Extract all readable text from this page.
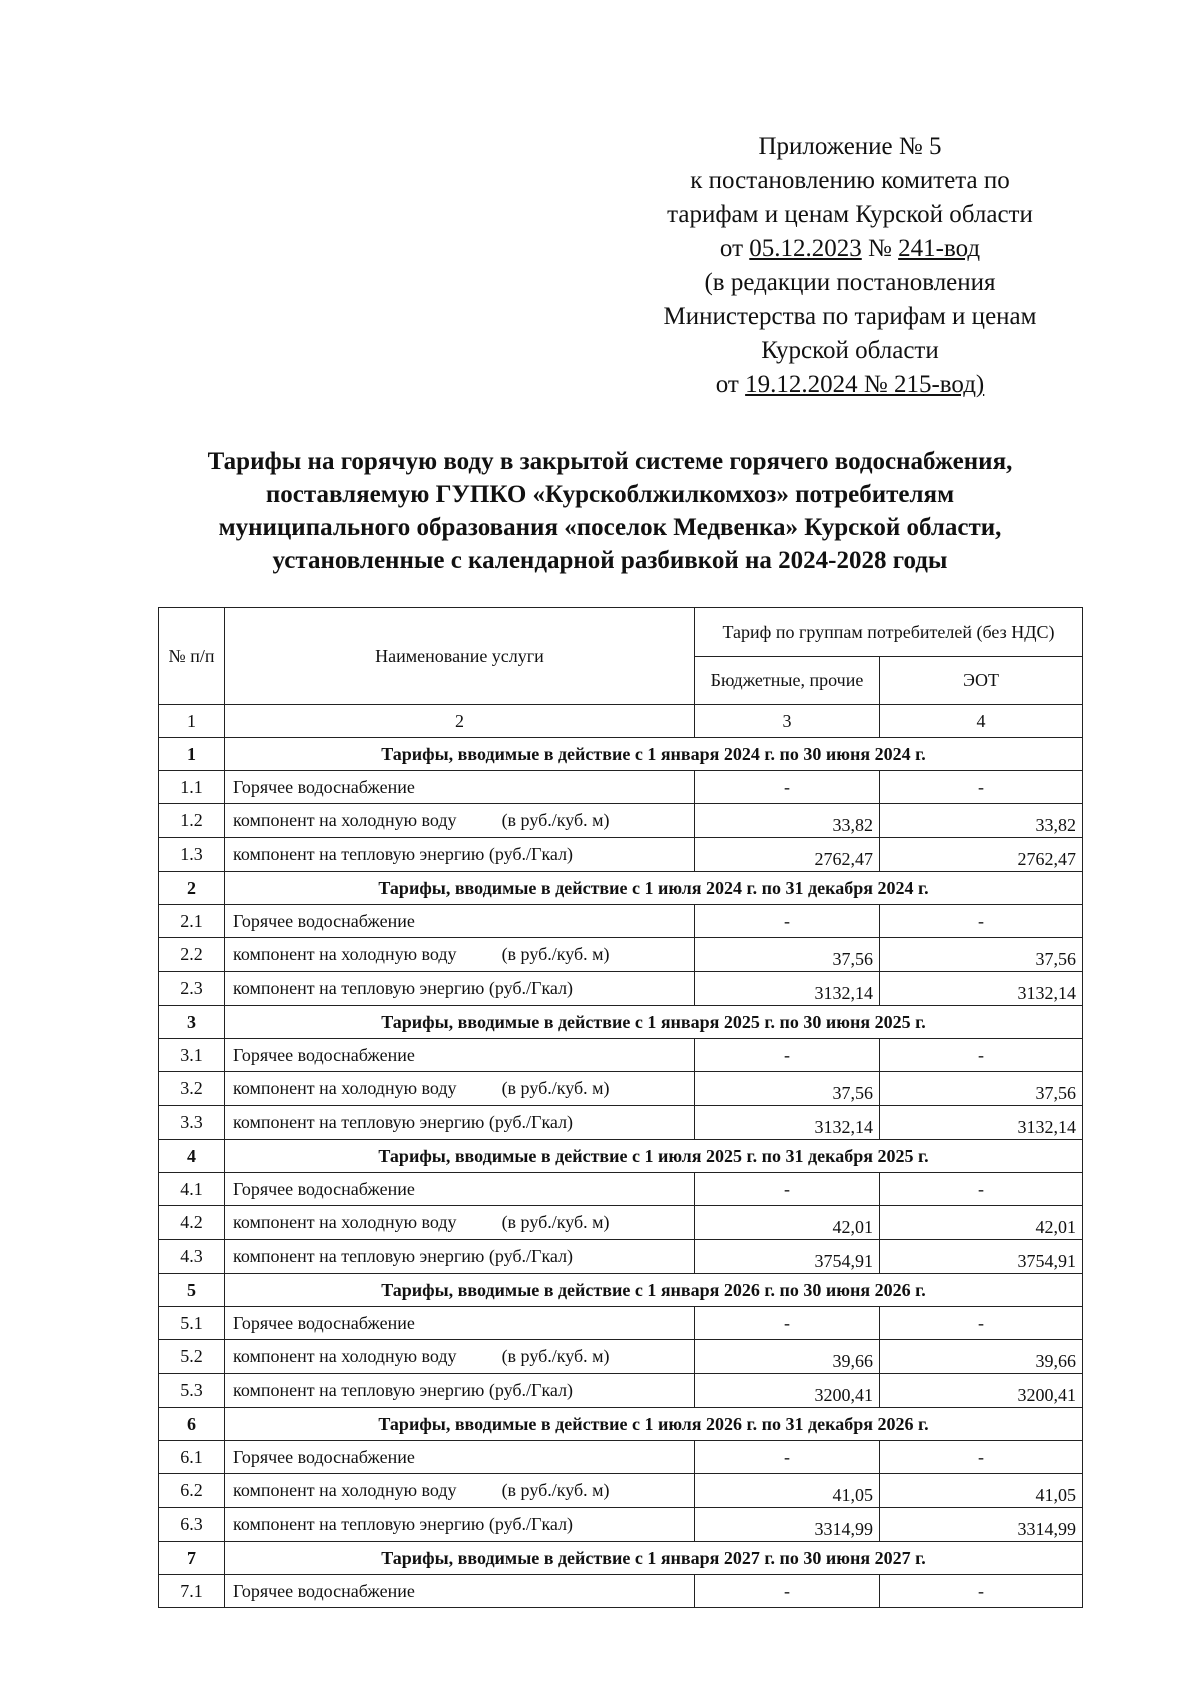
Приложение № 5
к постановлению комитета по
тарифам и ценам Курской области
от 05.12.2023 № 241-вод
(в редакции постановления
Министерства по тарифам и ценам
Курской области
от 19.12.2024 № 215-вод)
Тарифы на горячую воду в закрытой системе горячего водоснабжения,
поставляемую ГУПКО «Курскоблжилкомхоз» потребителям
муниципального образования «поселок Медвенка» Курской области,
установленные с календарной разбивкой на 2024-2028 годы
№ п/п	Наименование услуги	Тариф по группам потребителей (без НДС)	
		Бюджетные, прочие	ЭОТ
1	2	3	4
1	Тарифы, вводимые в действие с 1 января 2024 г. по 30 июня 2024 г.		
1.1	Горячее водоснабжение	-	-
1.2	компонент на холодную воду (в руб./куб. м)	33,82	33,82
1.3	компонент на тепловую энергию (руб./Гкал)	2762,47	2762,47
2	Тарифы, вводимые в действие с 1 июля 2024 г. по 31 декабря 2024 г.		
2.1	Горячее водоснабжение	-	-
2.2	компонент на холодную воду (в руб./куб. м)	37,56	37,56
2.3	компонент на тепловую энергию (руб./Гкал)	3132,14	3132,14
3	Тарифы, вводимые в действие с 1 января 2025 г. по 30 июня 2025 г.		
3.1	Горячее водоснабжение	-	-
3.2	компонент на холодную воду (в руб./куб. м)	37,56	37,56
3.3	компонент на тепловую энергию (руб./Гкал)	3132,14	3132,14
4	Тарифы, вводимые в действие с 1 июля 2025 г. по 31 декабря 2025 г.		
4.1	Горячее водоснабжение	-	-
4.2	компонент на холодную воду (в руб./куб. м)	42,01	42,01
4.3	компонент на тепловую энергию (руб./Гкал)	3754,91	3754,91
5	Тарифы, вводимые в действие с 1 января 2026 г. по 30 июня 2026 г.		
5.1	Горячее водоснабжение	-	-
5.2	компонент на холодную воду (в руб./куб. м)	39,66	39,66
5.3	компонент на тепловую энергию (руб./Гкал)	3200,41	3200,41
6	Тарифы, вводимые в действие с 1 июля 2026 г. по 31 декабря 2026 г.		
6.1	Горячее водоснабжение	-	-
6.2	компонент на холодную воду (в руб./куб. м)	41,05	41,05
6.3	компонент на тепловую энергию (руб./Гкал)	3314,99	3314,99
7	Тарифы, вводимые в действие с 1 января 2027 г. по 30 июня 2027 г.		
7.1	Горячее водоснабжение	-	-
